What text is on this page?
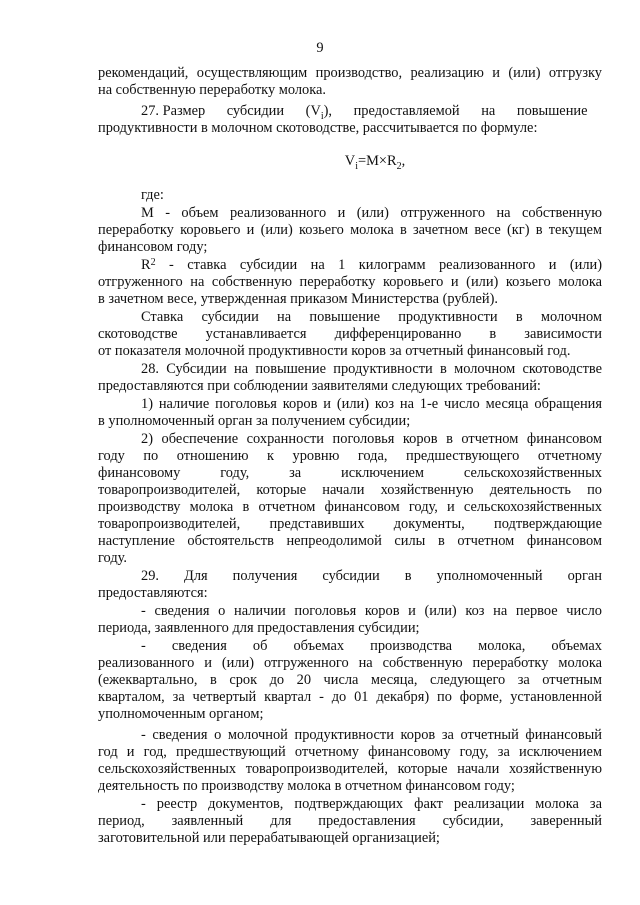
9
рекомендаций, осуществляющим производство, реализацию и (или) отгрузку
на собственную переработку молока.
27. Размер      субсидии      $(V_i)$,      предоставляемой      на      повышение
продуктивности в молочном скотоводстве, рассчитывается по формуле:
$V_i=M\times R_2$,
где:
М - объем реализованного и (или) отгруженного на собственную
переработку коровьего и (или) козьего молока в зачетном весе (кг) в текущем
финансовом году;
R 2 - ставка субсидии на 1 килограмм реализованного и (или)
отгруженного на собственную переработку коровьего и (или) козьего молока
в зачетном весе, утвержденная приказом Министерства (рублей).
Ставка субсидии на повышение продуктивности в молочном
скотоводстве устанавливается дифференцированно в зависимости
от показателя молочной продуктивности коров за отчетный финансовый год.
28. Субсидии на повышение продуктивности в молочном скотоводстве
предоставляются при соблюдении заявителями следующих требований:
1) наличие поголовья коров и (или) коз на 1-е число месяца обращения
в уполномоченный орган за получением субсидии;
2) обеспечение сохранности поголовья коров в отчетном финансовом
году по отношению к уровню года, предшествующего отчетному
финансовому году, за исключением сельскохозяйственных
товаропроизводителей, которые начали хозяйственную деятельность по
производству молока в отчетном финансовом году, и сельскохозяйственных
товаропроизводителей, представивших документы, подтверждающие
наступление обстоятельств непреодолимой силы в отчетном финансовом
году.
29. Для получения субсидии в уполномоченный орган
предоставляются:
- сведения о наличии поголовья коров и (или) коз на первое число
периода, заявленного для предоставления субсидии;
- сведения об объемах производства молока, объемах
реализованного и (или) отгруженного на собственную переработку молока
(ежеквартально, в срок до 20 числа месяца, следующего за отчетным
кварталом, за четвертый квартал - до 01 декабря) по форме, установленной
уполномоченным органом;
- сведения о молочной продуктивности коров за отчетный финансовый
год и год, предшествующий отчетному финансовому году, за исключением
сельскохозяйственных товаропроизводителей, которые начали хозяйственную
деятельность по производству молока в отчетном финансовом году;
- реестр документов, подтверждающих факт реализации молока за
период, заявленный для предоставления субсидии, заверенный
заготовительной или перерабатывающей организацией;
